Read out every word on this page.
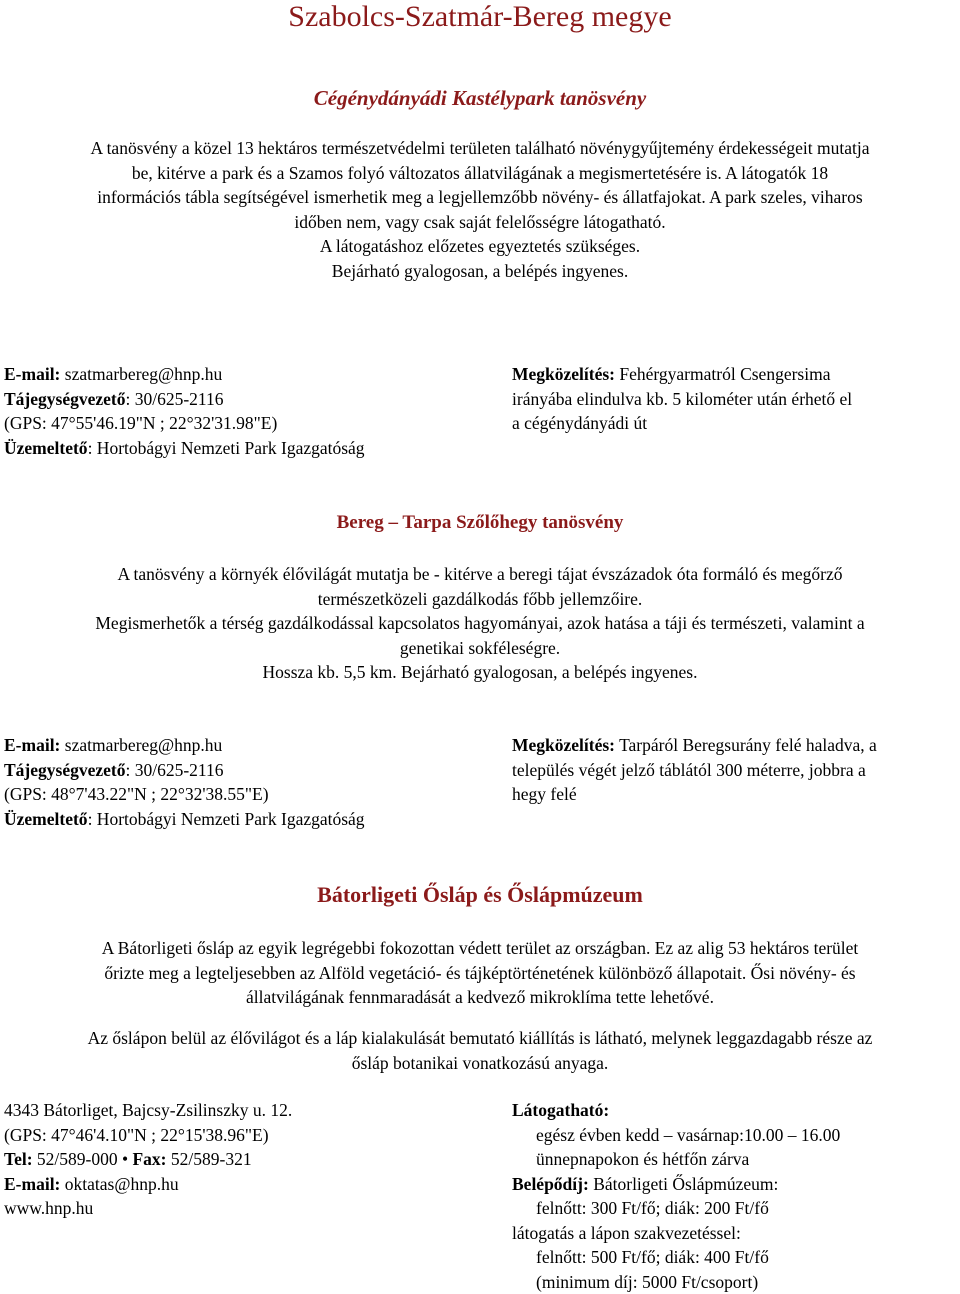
Szabolcs-Szatmár-Bereg megye
Cégénydányádi Kastélypark tanösvény
A tanösvény a közel 13 hektáros természetvédelmi területen található növénygyűjtemény érdekességeit mutatja
be, kitérve a park és a Szamos folyó változatos állatvilágának a megismertetésére is. A látogatók 18
információs tábla segítségével ismerhetik meg a legjellemzőbb növény- és állatfajokat. A park szeles, viharos
időben nem, vagy csak saját felelősségre látogatható.
A látogatáshoz előzetes egyeztetés szükséges.
Bejárható gyalogosan, a belépés ingyenes.
E-mail: szatmarbereg@hnp.hu
Tájegységvezető: 30/625-2116
(GPS: 47°55'46.19"N ; 22°32'31.98"E)
Üzemeltető: Hortobágyi Nemzeti Park Igazgatóság
Megközelítés: Fehérgyarmatról Csengersima
irányába elindulva kb. 5 kilométer után érhető el
a cégénydányádi út
Bereg – Tarpa Szőlőhegy tanösvény
A tanösvény a környék élővilágát mutatja be - kitérve a beregi tájat évszázadok óta formáló és megőrző
természetközeli gazdálkodás főbb jellemzőire.
Megismerhetők a térség gazdálkodással kapcsolatos hagyományai, azok hatása a táji és természeti, valamint a
genetikai sokféleségre.
Hossza kb. 5,5 km. Bejárható gyalogosan, a belépés ingyenes.
E-mail: szatmarbereg@hnp.hu
Tájegységvezető: 30/625-2116
(GPS: 48°7'43.22"N ; 22°32'38.55"E)
Üzemeltető: Hortobágyi Nemzeti Park Igazgatóság
Megközelítés: Tarpáról Beregsurány felé haladva, a
település végét jelző táblától 300 méterre, jobbra a
hegy felé
Bátorligeti Ősláp és Őslápmúzeum
A Bátorligeti ősláp az egyik legrégebbi fokozottan védett terület az országban. Ez az alig 53 hektáros terület
őrizte meg a legteljesebben az Alföld vegetáció- és tájképtörténetének különböző állapotait. Ősi növény- és
állatvilágának fennmaradását a kedvező mikroklíma tette lehetővé.
Az őslápon belül az élővilágot és a láp kialakulását bemutató kiállítás is látható, melynek leggazdagabb része az
ősláp botanikai vonatkozású anyaga.
4343 Bátorliget, Bajcsy-Zsilinszky u. 12.
(GPS: 47°46'4.10"N ; 22°15'38.96"E)
Tel: 52/589-000 • Fax: 52/589-321
E-mail: oktatas@hnp.hu
www.hnp.hu
Látogatható:
egész évben kedd – vasárnap:10.00 – 16.00
ünnepnapokon és hétfőn zárva
Belépődíj: Bátorligeti Őslápmúzeum:
felnőtt: 300 Ft/fő; diák: 200 Ft/fő
látogatás a lápon szakvezetéssel:
felnőtt: 500 Ft/fő; diák: 400 Ft/fő
(minimum díj: 5000 Ft/csoport)
